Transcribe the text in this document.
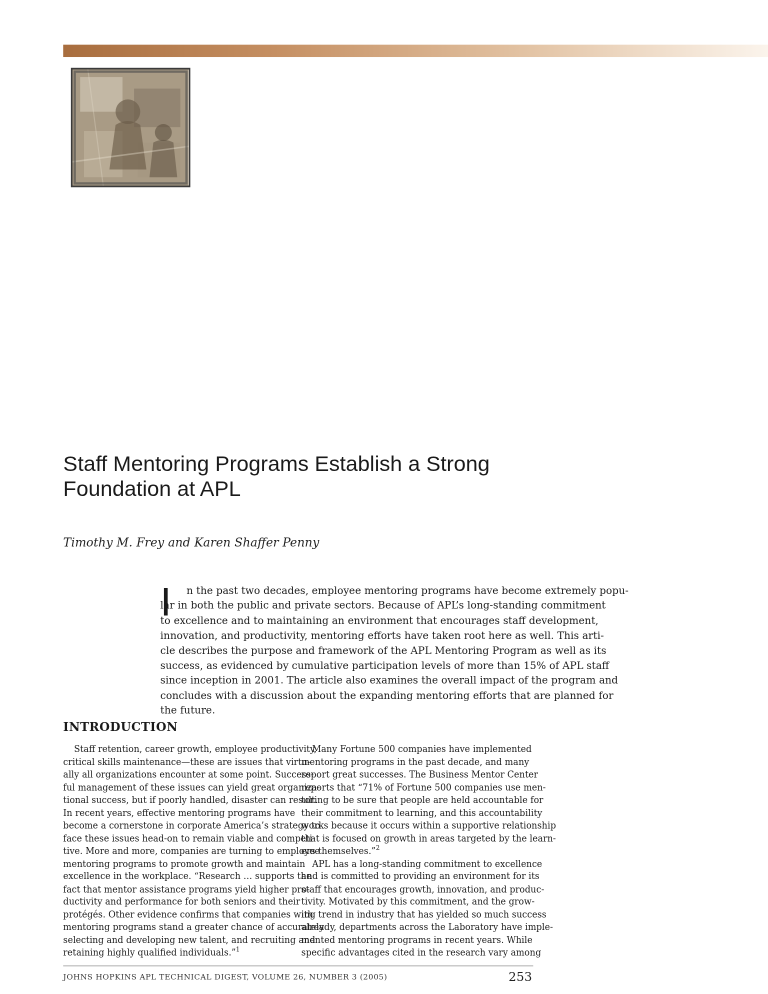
Staff Mentoring Programs Establish a Strong
Foundation at APL
Timothy M. Frey and Karen Shaffer Penny
I	n the past two decades, employee mentoring programs have become extremely popu-
lar in both the public and private sectors. Because of APL’s long-standing commitment
to excellence and to maintaining an environment that encourages staff development,
innovation, and productivity, mentoring efforts have taken root here as well. This arti-
cle describes the purpose and framework of the APL Mentoring Program as well as its
success, as evidenced by cumulative participation levels of more than 15% of APL staff
since inception in 2001. The article also examines the overall impact of the program and
concludes with a discussion about the expanding mentoring efforts that are planned for
the future.
INTRODUCTION
Staff retention, career growth, employee productivity,
critical skills maintenance—these are issues that virtu-
ally all organizations encounter at some point. Success-
ful management of these issues can yield great organiza-
tional success, but if poorly handled, disaster can result.
In recent years, effective mentoring programs have
become a cornerstone in corporate America’s strategy to
face these issues head-on to remain viable and competi-
tive. More and more, companies are turning to employee
mentoring programs to promote growth and maintain
excellence in the workplace. “Research … supports the
fact that mentor assistance programs yield higher pro-
ductivity and performance for both seniors and their
protégés. Other evidence confirms that companies with
mentoring programs stand a greater chance of accurately
selecting and developing new talent, and recruiting and
retaining highly qualified individuals.”$^1$
Many Fortune 500 companies have implemented
mentoring programs in the past decade, and many
report great successes. The Business Mentor Center
reports that “71% of Fortune 500 companies use men-
toring to be sure that people are held accountable for
their commitment to learning, and this accountability
works because it occurs within a supportive relationship
that is focused on growth in areas targeted by the learn-
ers themselves.”$^2$
APL has a long-standing commitment to excellence
and is committed to providing an environment for its
staff that encourages growth, innovation, and produc-
tivity. Motivated by this commitment, and the grow-
ing trend in industry that has yielded so much success
already, departments across the Laboratory have imple-
mented mentoring programs in recent years. While
specific advantages cited in the research vary among
JOHNS HOPKINS APL TECHNICAL DIGEST, VOLUME 26, NUMBER 3 (2005)	253
